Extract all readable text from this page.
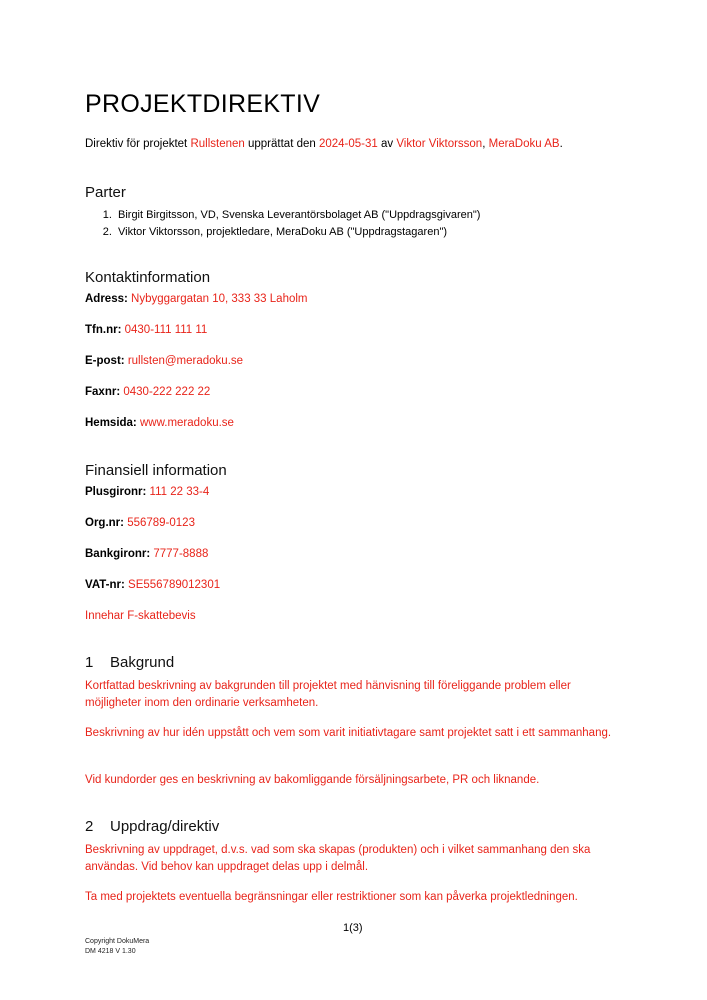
PROJEKTDIREKTIV
Direktiv för projektet Rullstenen upprättat den 2024-05-31 av Viktor Viktorsson, MeraDoku AB.
Parter
1. Birgit Birgitsson, VD, Svenska Leverantörsbolaget AB ("Uppdragsgivaren")
2. Viktor Viktorsson, projektledare, MeraDoku AB ("Uppdragstagaren")
Kontaktinformation
Adress: Nybyggargatan 10, 333 33 Laholm
Tfn.nr: 0430-111 111 11
E-post: rullsten@meradoku.se
Faxnr: 0430-222 222 22
Hemsida: www.meradoku.se
Finansiell information
Plusgironr: 111 22 33-4
Org.nr: 556789-0123
Bankgironr: 7777-8888
VAT-nr: SE556789012301
Innehar F-skattebevis
1 Bakgrund

Kortfattad beskrivning av bakgrunden till projektet med hänvisning till föreliggande problem eller möjligheter inom den ordinarie verksamheten.

Beskrivning av hur idén uppstått och vem som varit initiativtagare samt projektet satt i ett sammanhang.

Vid kundorder ges en beskrivning av bakomliggande försäljningsarbete, PR och liknande.

2 Uppdrag/direktiv

Beskrivning av uppdraget, d.v.s. vad som ska skapas (produkten) och i vilket sammanhang den ska användas. Vid behov kan uppdraget delas upp i delmål.

Ta med projektets eventuella begränsningar eller restriktioner som kan påverka projektledningen.

1(3)
Copyright DokuMera
DM 4218 V 1.30
